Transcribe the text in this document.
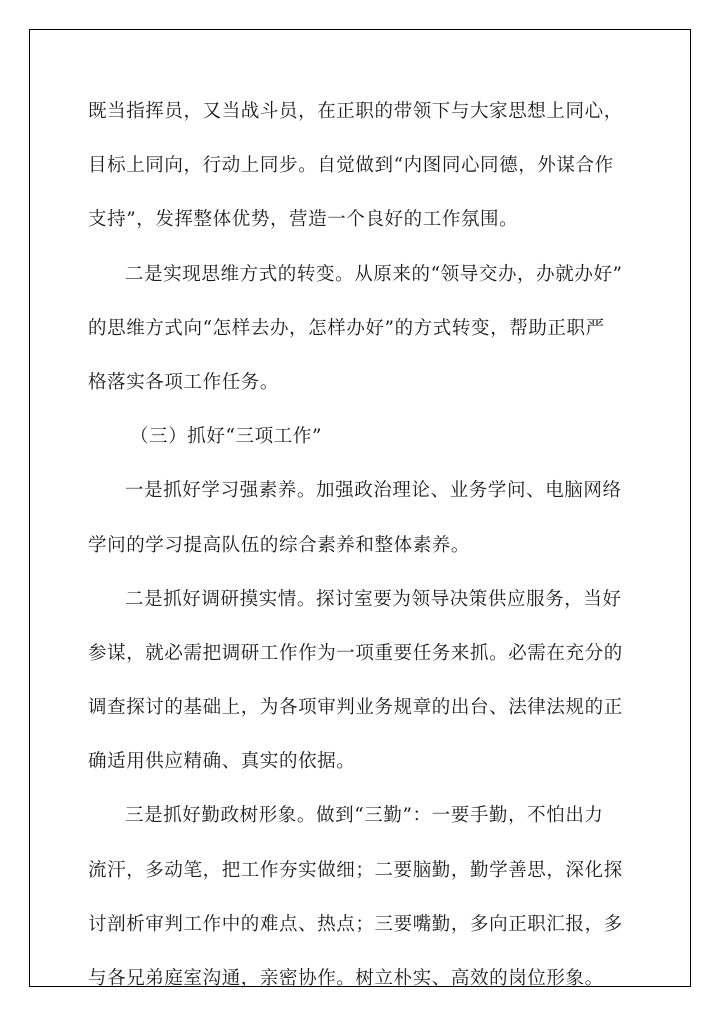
既当指挥员，又当战斗员，在正职的带领下与大家思想上同心，
目标上同向，行动上同步。自觉做到“内图同心同德，外谋合作
支持”，发挥整体优势，营造一个良好的工作氛围。
二是实现思维方式的转变。从原来的“领导交办，办就办好”
的思维方式向“怎样去办，怎样办好”的方式转变，帮助正职严
格落实各项工作任务。
（三）抓好“三项工作”
一是抓好学习强素养。加强政治理论、业务学问、电脑网络
学问的学习提高队伍的综合素养和整体素养。
二是抓好调研摸实情。探讨室要为领导决策供应服务，当好
参谋，就必需把调研工作作为一项重要任务来抓。必需在充分的
调查探讨的基础上，为各项审判业务规章的出台、法律法规的正
确适用供应精确、真实的依据。
三是抓好勤政树形象。做到“三勤”：一要手勤，不怕出力
流汗，多动笔，把工作夯实做细；二要脑勤，勤学善思，深化探
讨剖析审判工作中的难点、热点；三要嘴勤，多向正职汇报，多
与各兄弟庭室沟通，亲密协作。树立朴实、高效的岗位形象。
